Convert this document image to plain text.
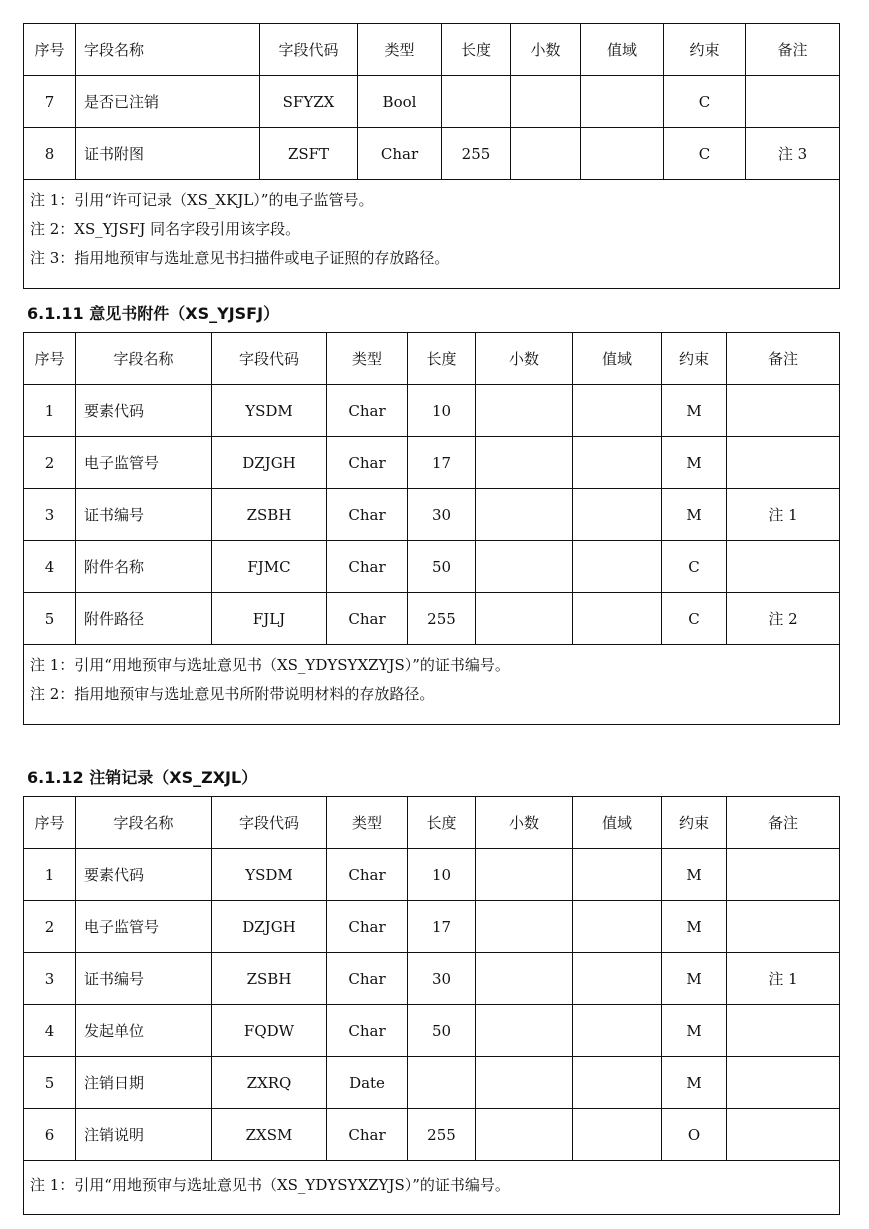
序号	字段名称	字段代码	类型	长度	小数	值域	约束	备注
7	是否已注销	SFYZX	Bool				C	
8	证书附图	ZSFT	Char	255			C	注 3

注 1：引用“许可记录（XS_XKJL）”的电子监管号。
注 2：XS_YJSFJ 同名字段引用该字段。
注 3：指用地预审与选址意见书扫描件或电子证照的存放路径。								
6.1.11 意见书附件（XS_YJSFJ）
序号	字段名称	字段代码	类型	长度	小数	值域	约束	备注
1	要素代码	YSDM	Char	10			M	
2	电子监管号	DZJGH	Char	17			M	
3	证书编号	ZSBH	Char	30			M	注 1
4	附件名称	FJMC	Char	50			C	
5	附件路径	FJLJ	Char	255			C	注 2

注 1：引用“用地预审与选址意见书（XS_YDYSYXZYJS）”的证书编号。
注 2：指用地预审与选址意见书所附带说明材料的存放路径。								
6.1.12 注销记录（XS_ZXJL）
序号	字段名称	字段代码	类型	长度	小数	值域	约束	备注
1	要素代码	YSDM	Char	10			M	
2	电子监管号	DZJGH	Char	17			M	
3	证书编号	ZSBH	Char	30			M	注 1
4	发起单位	FQDW	Char	50			M	
5	注销日期	ZXRQ	Date				M	
6	注销说明	ZXSM	Char	255			O	

注 1：引用“用地预审与选址意见书（XS_YDYSYXZYJS）”的证书编号。								
